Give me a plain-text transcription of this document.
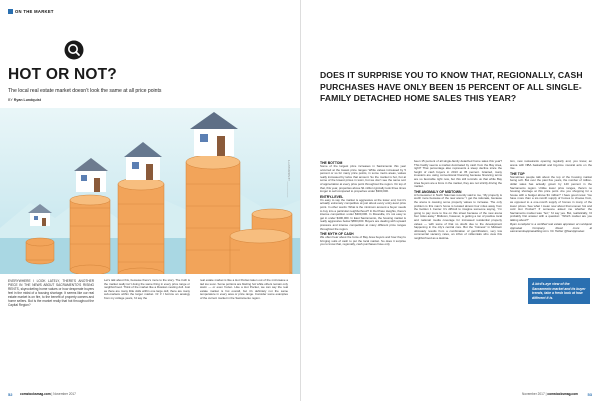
ON THE MARKET
HOT OR NOT?
The local real estate market doesn’t look the same at all price points
BY Ryan Lundquist
ILLUSTRATION BY ____________

EVERYWHERE I LOOK LATELY, THERE’S ANOTHER PIECE IN THE NEWS ABOUT SACRAMENTO’S RISING RENTS, skyrocketing home values or how desperate buyers feel in the midst of a housing shortage. It seems like our real estate market is on fire, to the benefit of property owners and home sellers. But is the market really that hot throughout the Capital Region?

Let’s talk about this, because there’s more to the story. The truth is the market really isn’t doing the same thing in every price range or neighborhood. Think of the market like a Russian nesting doll. Just as there are many little dolls within one large doll, there are many sub-markets within the larger market. Or if I borrow an analogy from my college years, I’d say the

real estate market is like a Hot Pocket taken out of the microwave a tad too soon. Some portions are blazing hot while others remain only warm — or even frozen. Like a Hot Pocket, we can say the real estate market is hot overall, but it’s definitely not the same temperature in every area or price range. Consider some examples of the current market in the Sacramento region.

52 comstocksmag.com | November 2017	53
November 2017 | comstocksmag.com
DOES IT SURPRISE YOU TO KNOW THAT, REGIONALLY, CASH PURCHASES HAVE ONLY BEEN 15 PERCENT OF ALL SINGLE-FAMILY DETACHED HOME SALES THIS YEAR?
THE BOTTOM

Some of the largest price increases in Sacramento this year occurred at the lowest price ranges: While values increased by 5 percent or so for many price points, in some metro areas, values really increased by twice that amount. So the market is hot, hot at some of the lowest prices in town, but we don’t see the same sort of appreciation at every price point throughout the region. On top of that, this year, properties above $1 million typically took three times longer to sell compared to properties under $300,000.

ENTRY-LEVEL

It’s easy to say the market is aggressive at the lower end, but it’s actually extremely competitive at just about every entry-level price point. In other words: What is the minimum amount a buyer needs to buy into a particular neighborhood? In Del Paso Heights, there’s intense competition under $300,000. In Roseville, it’s not easy to get in under $400,000. In East Sacramento, the housing market is really aggressive below $650,000. Buyers are dealing with upward pressure and intense competition at many different price ranges throughout the region.

THE MYTH OF CASH

We often hear about the force of Bay Area buyers and how they’re bringing suits of cash to put the local market. So does it surprise you to know that, regionally, cash purchases have only

been 15 percent of all single-family detached home sales this year? This hardly seems a market dominated by cash from the Bay Area, right? That percentage also represents a steep decline since the height of cash buyers in 2013 at 35 percent. Granted, many investors are using conventional financing because financing terms are so favorable right now, but this still reminds us that while Bay Area buyers are a force in the market, they are not strictly driving the market.

THE ANOMALY OF MIDTOWN

A homeowner in North Natomas recently said to me, “My property is worth more because of the new arena.” I get the rationale, because the arena is causing some property values to increase. The only problem is this man’s home is located almost four miles away from the Golden 1 Center. It’s difficult to imagine someone saying, “I’m going to pay more to live on this street because of the new arena four miles away.” Midtown, however, is getting a ton of positive local and national media coverage for increased residential property values — with some of that no doubt due to the development happening in the city’s central core. But the “hotness” in Midtown ultimately results from a combination of gentrification, very low commercial vacancy rates, an influx of millennials who view this neighborhood as a destina-

tion, new restaurants opening regularly and, you know, an arena with NBA basketball and big-time musical acts on the rise.

THE TOP

Sometimes people talk about the top of the housing market being soft. But over the past five years, the number of million-dollar sales has actually grown by 140 percent in the Sacramento region. Unlike lower price ranges, there’s no housing shortage at this price point. Are you shopping for a house with a budget above $1 million? I have good news: You have more than a six-month supply of homes to choose from, as opposed to a one-month supply of homes in many of the lower prices. See what I mean now about that uneven hot and cold Hot Pocket? If someone asked me whether the Sacramento market was “hot,” I’d say yes. But, realistically, I’d probably first answer with a question: “Which market are you talking about?”

Ryan Lundquist is a certified real estate appraiser at Lundquist Appraisal Company. Read more at sacramentoappraisalblog.com. On Twitter @SacAppraiser.

A bird's-eye view of the Sacramento market and its buyer trends, take a fresh look at how different it is.
